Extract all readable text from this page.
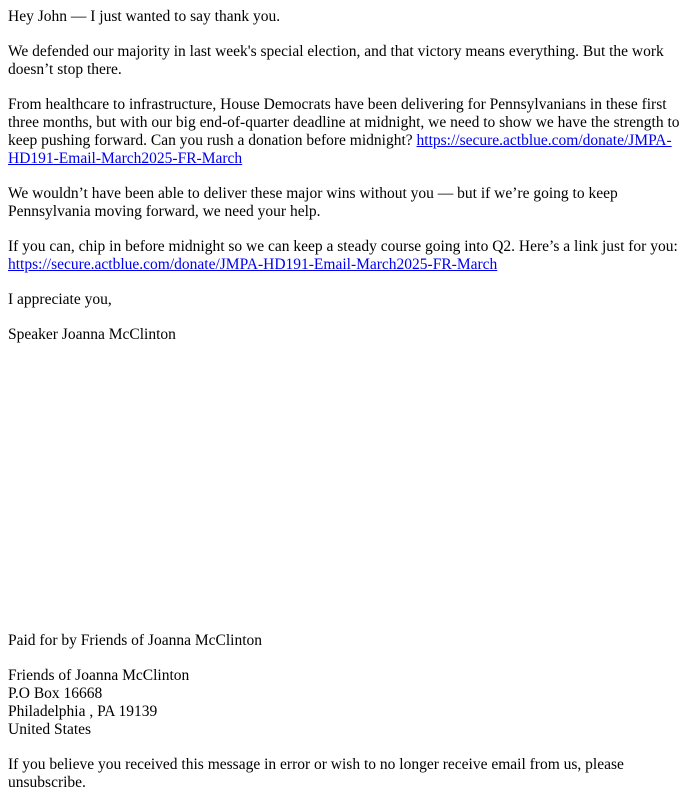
Hey John — I just wanted to say thank you.

We defended our majority in last week's special election, and that victory means everything. But the work doesn’t stop there.

From healthcare to infrastructure, House Democrats have been delivering for Pennsylvanians in these first three months, but with our big end-of-quarter deadline at midnight, we need to show we have the strength to keep pushing forward. Can you rush a donation before midnight? https://secure.actblue.com/donate/JMPA-HD191-Email-March2025-FR-March

We wouldn’t have been able to deliver these major wins without you — but if we’re going to keep Pennsylvania moving forward, we need your help.

If you can, chip in before midnight so we can keep a steady course going into Q2. Here’s a link just for you: https://secure.actblue.com/donate/JMPA-HD191-Email-March2025-FR-March

I appreciate you,

Speaker Joanna McClinton

Paid for by Friends of Joanna McClinton

Friends of Joanna McClinton

P.O Box 16668

Philadelphia , PA 19139

United States

If you believe you received this message in error or wish to no longer receive email from us, please unsubscribe.
